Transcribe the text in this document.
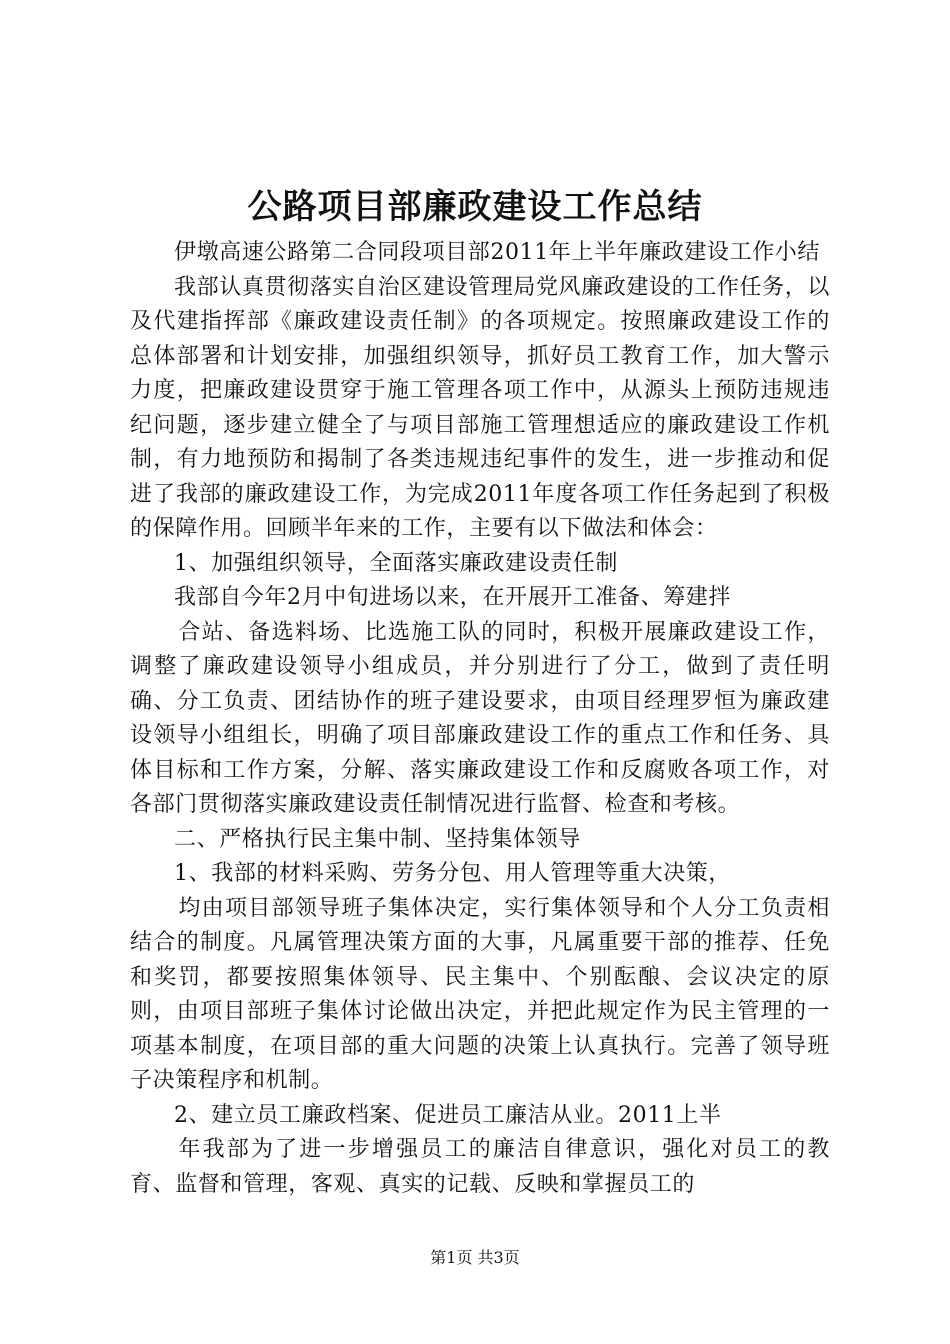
公路项目部廉政建设工作总结

伊墩高速公路第二合同段项目部2011年上半年廉政建设工作小结

我部认真贯彻落实自治区建设管理局党风廉政建设的工作任务，以及代建指挥部《廉政建设责任制》的各项规定。按照廉政建设工作的总体部署和计划安排，加强组织领导，抓好员工教育工作，加大警示力度，把廉政建设贯穿于施工管理各项工作中，从源头上预防违规违纪问题，逐步建立健全了与项目部施工管理想适应的廉政建设工作机制，有力地预防和揭制了各类违规违纪事件的发生，进一步推动和促进了我部的廉政建设工作，为完成2011年度各项工作任务起到了积极的保障作用。回顾半年来的工作，主要有以下做法和体会：

1、加强组织领导，全面落实廉政建设责任制

我部自今年2月中旬进场以来，在开展开工准备、筹建拌

合站、备选料场、比选施工队的同时，积极开展廉政建设工作，调整了廉政建设领导小组成员，并分别进行了分工，做到了责任明确、分工负责、团结协作的班子建设要求，由项目经理罗恒为廉政建设领导小组组长，明确了项目部廉政建设工作的重点工作和任务、具体目标和工作方案，分解、落实廉政建设工作和反腐败各项工作，对各部门贯彻落实廉政建设责任制情况进行监督、检查和考核。

二、严格执行民主集中制、坚持集体领导

1、我部的材料采购、劳务分包、用人管理等重大决策，

均由项目部领导班子集体决定，实行集体领导和个人分工负责相结合的制度。凡属管理决策方面的大事，凡属重要干部的推荐、任免和奖罚，都要按照集体领导、民主集中、个别酝酿、会议决定的原则，由项目部班子集体讨论做出决定，并把此规定作为民主管理的一项基本制度，在项目部的重大问题的决策上认真执行。完善了领导班子决策程序和机制。

2、建立员工廉政档案、促进员工廉洁从业。2011上半

年我部为了进一步增强员工的廉洁自律意识，强化对员工的教育、监督和管理，客观、真实的记载、反映和掌握员工的

第1页 共3页
